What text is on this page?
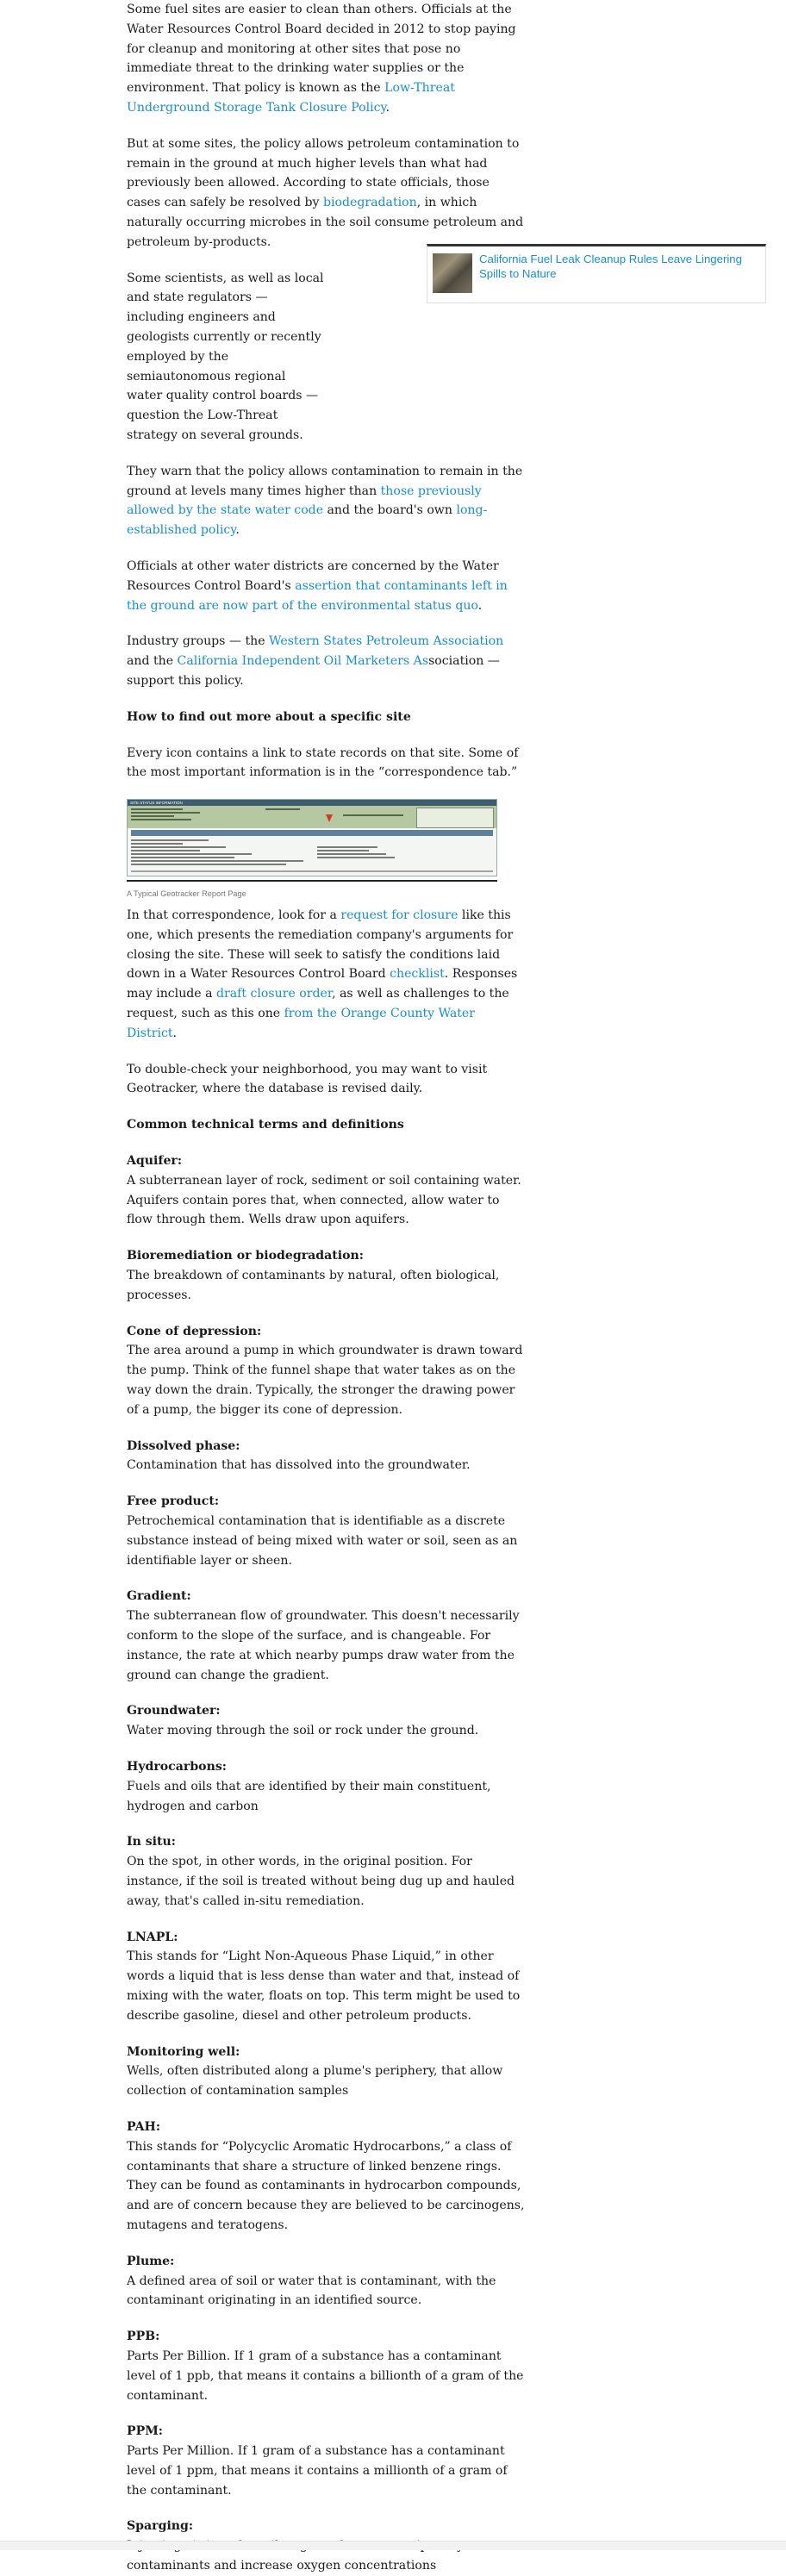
Some fuel sites are easier to clean than others. Officials at the Water Resources Control Board decided in 2012 to stop paying for cleanup and monitoring at other sites that pose no immediate threat to the drinking water supplies or the environment. That policy is known as the Low-Threat Underground Storage Tank Closure Policy.

But at some sites, the policy allows petroleum contamination to remain in the ground at much higher levels than what had previously been allowed. According to state officials, those cases can safely be resolved by biodegradation, in which naturally occurring microbes in the soil consume petroleum and petroleum by-products.

Some scientists, as well as local and state regulators — including engineers and geologists currently or recently employed by the semiautonomous regional water quality control boards — question the Low-Threat strategy on several grounds.

They warn that the policy allows contamination to remain in the ground at levels many times higher than those previously allowed by the state water code and the board's own long-established policy.

Officials at other water districts are concerned by the Water Resources Control Board's assertion that contaminants left in the ground are now part of the environmental status quo.

Industry groups — the Western States Petroleum Association and the California Independent Oil Marketers Association — support this policy.

How to find out more about a specific site

Every icon contains a link to state records on that site. Some of the most important information is in the “correspondence tab.”

SITE STATUS INFORMATION
A Typical Geotracker Report Page

In that correspondence, look for a request for closure like this one, which presents the remediation company's arguments for closing the site. These will seek to satisfy the conditions laid down in a Water Resources Control Board checklist. Responses may include a draft closure order, as well as challenges to the request, such as this one from the Orange County Water District.

To double-check your neighborhood, you may want to visit Geotracker, where the database is revised daily.

Common technical terms and definitions
Aquifer:
A subterranean layer of rock, sediment or soil containing water. Aquifers contain pores that, when connected, allow water to flow through them. Wells draw upon aquifers.
Bioremediation or biodegradation:
The breakdown of contaminants by natural, often biological, processes.
Cone of depression:
The area around a pump in which groundwater is drawn toward the pump. Think of the funnel shape that water takes as on the way down the drain. Typically, the stronger the drawing power of a pump, the bigger its cone of depression.
Dissolved phase:
Contamination that has dissolved into the groundwater.
Free product:
Petrochemical contamination that is identifiable as a discrete substance instead of being mixed with water or soil, seen as an identifiable layer or sheen.
Gradient:
The subterranean flow of groundwater. This doesn't necessarily conform to the slope of the surface, and is changeable. For instance, the rate at which nearby pumps draw water from the ground can change the gradient.
Groundwater:
Water moving through the soil or rock under the ground.
Hydrocarbons:
Fuels and oils that are identified by their main constituent, hydrogen and carbon
In situ:
On the spot, in other words, in the original position. For instance, if the soil is treated without being dug up and hauled away, that's called in-situ remediation.
LNAPL:
This stands for “Light Non-Aqueous Phase Liquid,” in other words a liquid that is less dense than water and that, instead of mixing with the water, floats on top. This term might be used to describe gasoline, diesel and other petroleum products.
Monitoring well:
Wells, often distributed along a plume's periphery, that allow collection of contamination samples
PAH:
This stands for “Polycyclic Aromatic Hydrocarbons,” a class of contaminants that share a structure of linked benzene rings. They can be found as contaminants in hydrocarbon compounds, and are of concern because they are believed to be carcinogens, mutagens and teratogens.
Plume:
A defined area of soil or water that is contaminant, with the contaminant originating in an identified source.
PPB:
Parts Per Billion. If 1 gram of a substance has a contaminant level of 1 ppb, that means it contains a billionth of a gram of the contaminant.
PPM:
Parts Per Million. If 1 gram of a substance has a contaminant level of 1 ppm, that means it contains a millionth of a gram of the contaminant.
Sparging:
contaminants and increase oxygen concentrations
California Fuel Leak Cleanup Rules Leave Lingering Spills to Nature
